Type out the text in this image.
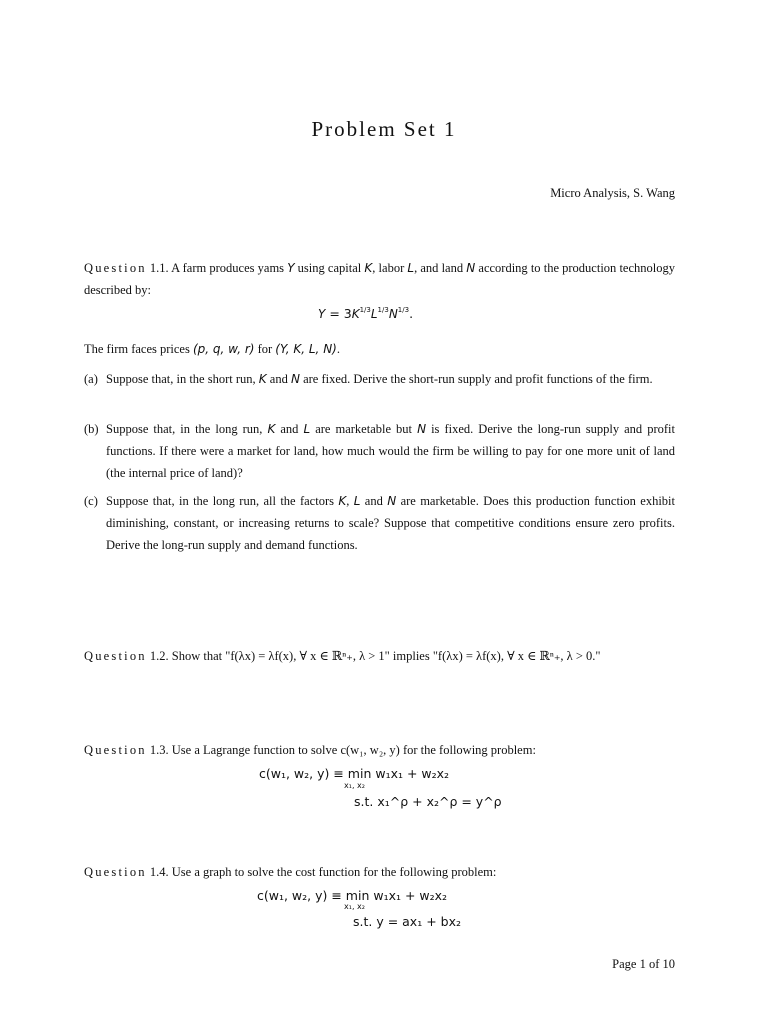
Problem Set 1
Micro Analysis, S. Wang
Question 1.1. A farm produces yams Y using capital K, labor L, and land N according to the production technology described by:
$Y = 3K^{1/3}L^{1/3}N^{1/3}$.
The firm faces prices (p, q, w, r) for (Y, K, L, N).
(a) Suppose that, in the short run, K and N are fixed. Derive the short-run supply and profit functions of the firm.
(b) Suppose that, in the long run, K and L are marketable but N is fixed. Derive the long-run supply and profit functions. If there were a market for land, how much would the firm be willing to pay for one more unit of land (the internal price of land)?
(c) Suppose that, in the long run, all the factors K, L and N are marketable. Does this production function exhibit diminishing, constant, or increasing returns to scale? Suppose that competitive conditions ensure zero profits. Derive the long-run supply and demand functions.
Question 1.2. Show that "f(λx) = λf(x), ∀ x ∈ ℝⁿ₊, λ > 1" implies "f(λx) = λf(x), ∀ x ∈ ℝⁿ₊, λ > 0."
Question 1.3. Use a Lagrange function to solve c(w₁, w₂, y) for the following problem:
c(w₁, w₂, y) ≡ min w₁x₁ + w₂x₂
x₁, x₂
s.t. x₁^ρ + x₂^ρ = y^ρ
Question 1.4. Use a graph to solve the cost function for the following problem:
c(w₁, w₂, y) ≡ min w₁x₁ + w₂x₂
x₁, x₂
s.t. y = ax₁ + bx₂
Page 1 of 10
